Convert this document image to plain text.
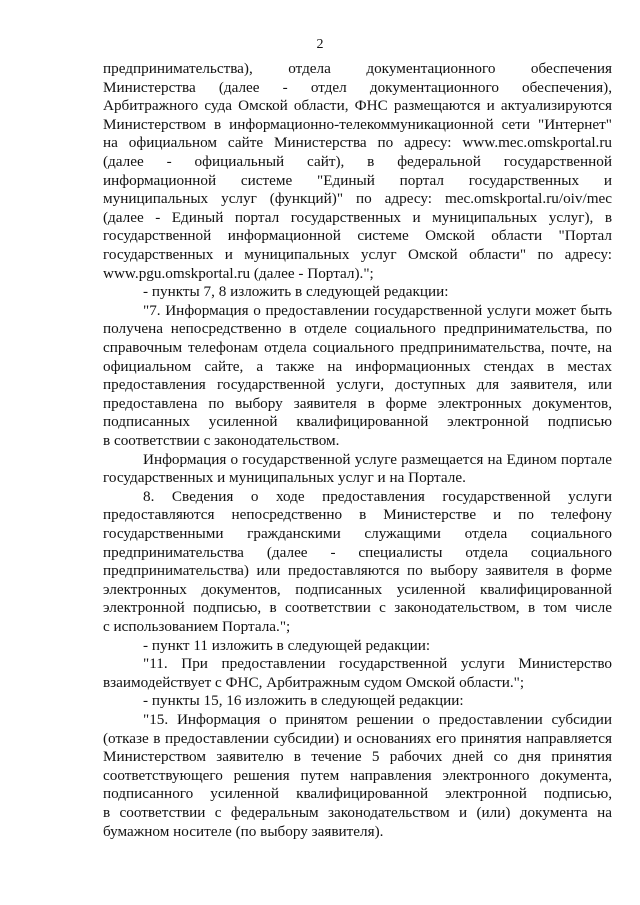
2
предпринимательства), отдела документационного обеспечения
Министерства (далее - отдел документационного обеспечения),
Арбитражного суда Омской области, ФНС размещаются и актуализируются
Министерством в информационно-телекоммуникационной сети "Интернет"
на официальном сайте Министерства по адресу: www.mec.omskportal.ru
(далее - официальный сайт), в федеральной государственной
информационной системе "Единый портал государственных и
муниципальных услуг (функций)" по адресу: mec.omskportal.ru/oiv/mec
(далее - Единый портал государственных и муниципальных услуг), в
государственной информационной системе Омской области "Портал
государственных и муниципальных услуг Омской области" по адресу:
www.pgu.omskportal.ru (далее - Портал).";
- пункты 7, 8 изложить в следующей редакции:
"7. Информация о предоставлении государственной услуги может быть
получена непосредственно в отделе социального предпринимательства, по
справочным телефонам отдела социального предпринимательства, почте, на
официальном сайте, а также на информационных стендах в местах
предоставления государственной услуги, доступных для заявителя, или
предоставлена по выбору заявителя в форме электронных документов,
подписанных усиленной квалифицированной электронной подписью
в соответствии с законодательством.
Информация о государственной услуге размещается на Едином портале
государственных и муниципальных услуг и на Портале.
8. Сведения о ходе предоставления государственной услуги
предоставляются непосредственно в Министерстве и по телефону
государственными гражданскими служащими отдела социального
предпринимательства (далее - специалисты отдела социального
предпринимательства) или предоставляются по выбору заявителя в форме
электронных документов, подписанных усиленной квалифицированной
электронной подписью, в соответствии с законодательством, в том числе
с использованием Портала.";
- пункт 11 изложить в следующей редакции:
"11. При предоставлении государственной услуги Министерство
взаимодействует с ФНС, Арбитражным судом Омской области.";
- пункты 15, 16 изложить в следующей редакции:
"15. Информация о принятом решении о предоставлении субсидии
(отказе в предоставлении субсидии) и основаниях его принятия направляется
Министерством заявителю в течение 5 рабочих дней со дня принятия
соответствующего решения путем направления электронного документа,
подписанного усиленной квалифицированной электронной подписью,
в соответствии с федеральным законодательством и (или) документа на
бумажном носителе (по выбору заявителя).
